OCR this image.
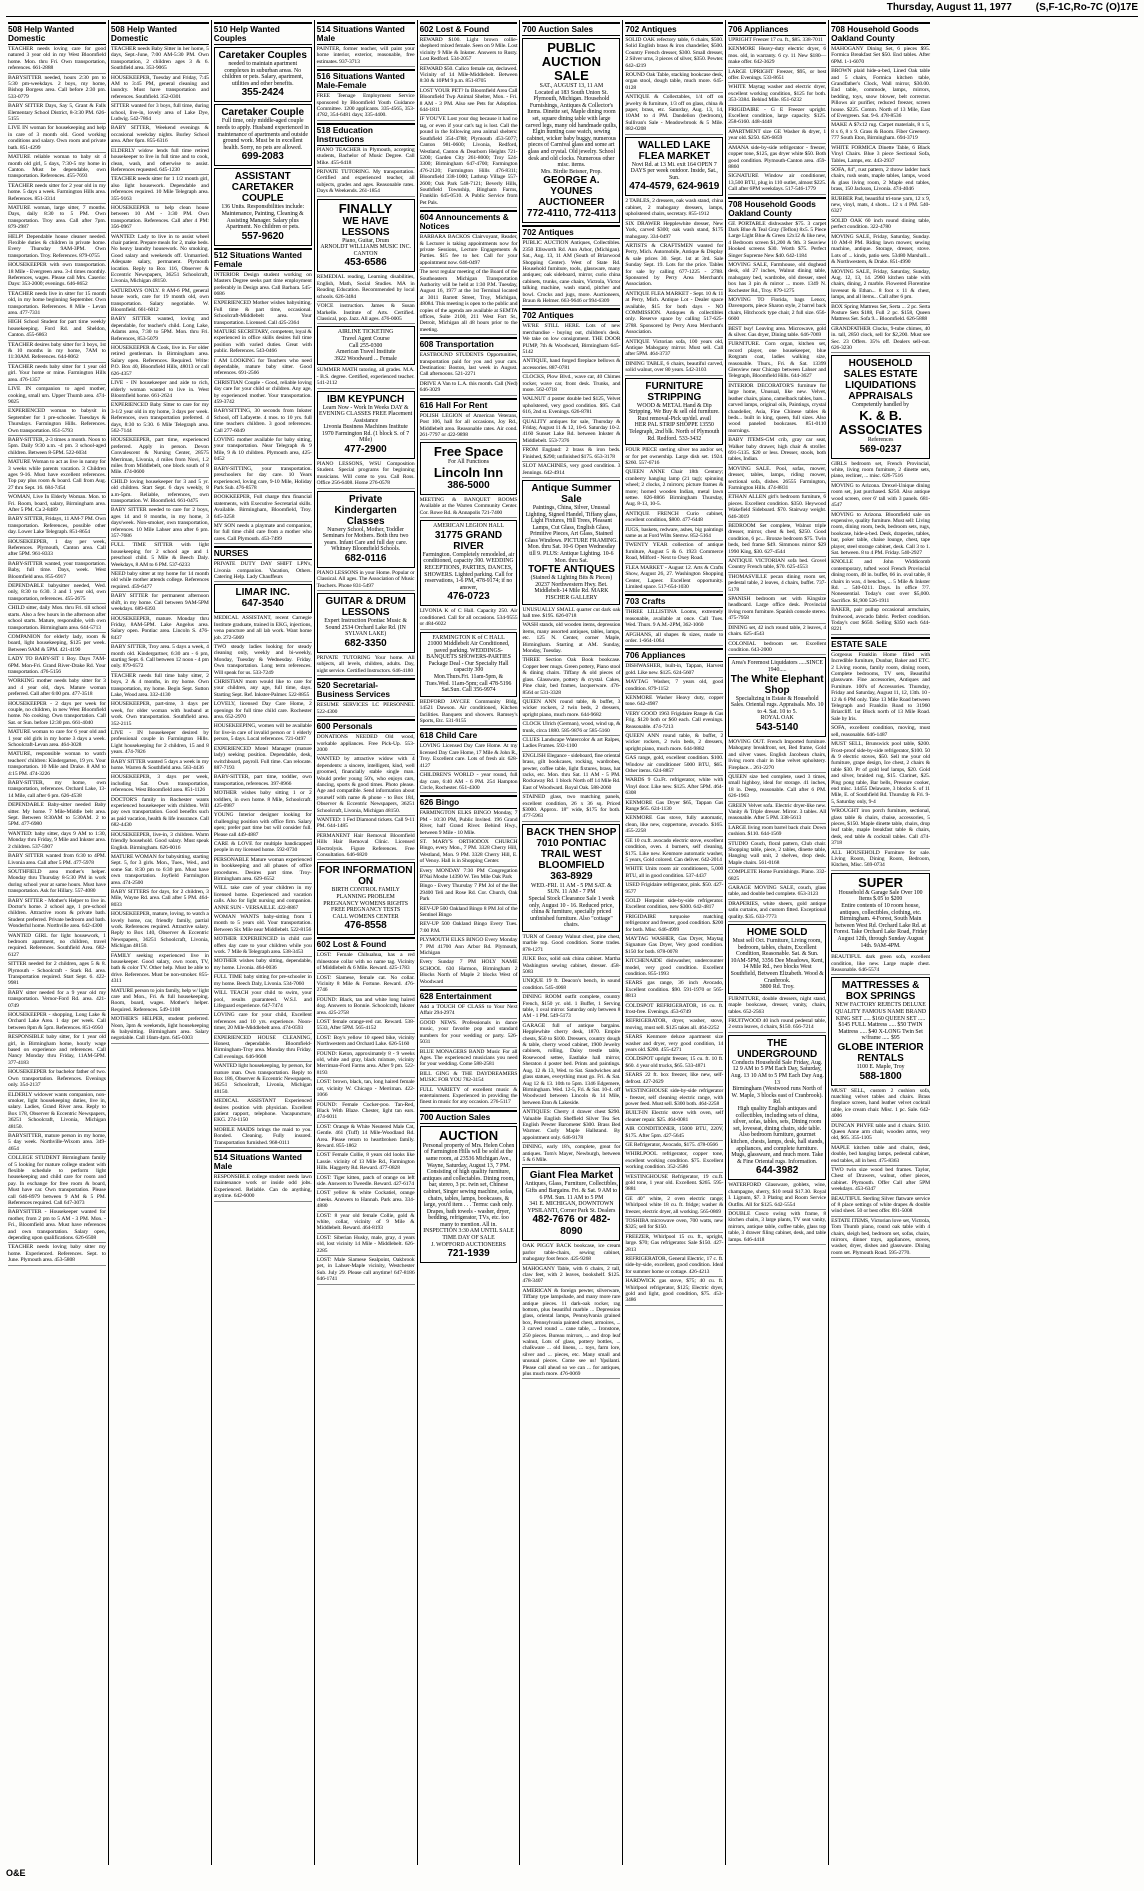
Thursday, August 11, 1977 (S,F-1C,Ro-7C (O)17E
508 Help Wanted Domestic

TEACHER needs loving care for good natured 3 year old in my West Bloomfield home. Mon. thru Fri. Own transportation, references. 661-2888

BABYSITTER needed, hours 2:30 pm to 5:30 pm-weekdays. 2 boys, my home, Bishop Borgess area. Call before 2:30 pm. 533-0779

BABY SITTER Days, Say 5, Grant & Falls Elementary School District, 8-3:30 PM. 626-5155

LIVE IN woman for housekeeping and help in care of 3 month old. Good working conditions and salary. Own room and private bath. 851-4299

MATURE reliable woman to baby sit 4 month old girl, 5 days, 7:30-5 my home in Canton. Must be dependable, own transportation. References. 455-7693

TEACHER needs sitter for 2 year old in my home. 5 days a week. Farmington Hills area. References. 851-3314

MATURE woman, large sitter, 7 months. Days, daily 8:30 to 5 PM. Own transportation. Troy area. Call after 7pm. 879-2987

HELP! Dependable house cleaner needed. Flexible duties & children in private home. Every Thursday 9AM-3PM. Own transportation. Troy. References. 879-0755

HOUSEKEEPER with own transportation. 18 Mile - Evergreen area. 3-4 times monthly. References, wages. Please call Mrs. Caserio: Days: 353-2000; evenings. 646-8652

TEACHER needs live in sitter for 15 month old, in my home beginning September. Own transportation. References. 8 Mile - Levan area. 477-7331

HIGH School Student for part time weekly housekeeping. Ford Rd. and Sheldon, Canton. 455-6863

TEACHER desires baby sitter for 3 boys, 1st & 10 months in my home, 7AM to 11:30AM. References. 644-8062

TEACHER needs baby sitter for 1 year old girl. Your home or mine. Farmington Hills area. 476-1357

LIVE IN companion to aged mother, cooking, small urn. Upper Thumb area. 474-9025

EXPERIENCED woman to babysit in September for 1 pre-schooler. Tuesdays & Thursdays. Farmington Hills. References. Own transportation. 851-5793

BABY-SITTER, 2-3 times a month. Noon to 5pm. Daily 9:30 a.m. -4 pm. 3 school-aged children. Between 8-5PM. 522-6034

MATURE Woman to act as live in nanny for 3 weeks while parents vacation. 3 Children ages 9-16. Must have excellent references. Top pay plus room & board. Call from Aug. 27 thru Sept. 16. 684-7454

WOMAN, Live In Elderly Woman. Mon. to Fri. Room, board, salary, Birmingham area. After 5 PM. Ca 2-8489

BABY SITTER, Fridays, 11 AM-7 PM. Own transportation. References, possible other day. Lower Lake Telegraph. 851-8654

HOUSEKEEPER, 1 day per week, References. Plymouth, Canton area. Call after 5PM. 961-8333

BABY-SITTER wanted, your transportation. Baby, full time. Days, week. West Bloomfield area. 855-6917

DEPENDABLE babysitter needed, Wed. only, 8:30 to 6:30. 3 and 1 year old, own transportation, references. 455-2675

CHILD sitter, daily Mon. thru Fri. till school starts. Also a few hours in the afternoon after school starts. Mature, responsible, with own transportation. Birmingham area. 644-5713

COMPANION for elderly lady, room & board, light housekeeping, $125 per week. Between 9AM & 5PM. 421-4190

LADY TO BABY-SIT 1 Boy. Days 7AM-6PM. Mon-Fri. Grand River-Drake Rd. Your transportation. 476-5156

WORKING mother needs baby sitter for 3 and 4 year old, days. Mature woman preferred. Call after 6:00 pm. 477-3518

HOUSEKEEPER - 2 days per week for couple, no children, in new West Bloomfield home. No cooking. Own transportation. Call Sat. or Sun. before 12:30 pm. 661-4040

MATURE woman to care for 6 year old and 1 year old girls in my home 3 days a week. Schoolcraft-Levan area. 464-3028

MATURE, responsible woman to watch teachers' children: Kindergarten, 19 yrs. Your transportation. 10 Mile and Drake. 8 AM to 4:15 PM. 474-3226

BABY-SITTER, my home, own transportation, references. Orchard Lake, 13-14 Mile, call after 6 pm. 626-4538

DEPENDABLE Baby-sitter needed Baby sitter. My home. 7 Mile-Middle belt area. Sept. Between 8:30AM to 5:30AM. 2 to 5PM. 477-6980

WANTED: baby sitter, days 9 AM to 1:30, Monday thru Friday, 9 Mile and Inkster area. 2 children. 537-5907

BABY SITTER wanted from 6:30 to 4PM. Livonia area. Call after 5 PM. 477-5978

SOUTHFIELD area mother's helper. Monday thru Thursday 8-5:30 PM in work during school year at same hours. Must have transportation. Ask for Hillary. 557-4080

BABY SITTER - Mother's Helper to live in. Doctor's home. 2 school age, 1 pre-school children. Attractive room & private bath. Student preferred. Private bedroom and bath. Wonderful home. Northville area. 642-4300

WANTED GIRL for light housework, 1 bedroom apartment, no children, travel required. References. Southfield Area. 682-6127

SITTER needed for 2 children, ages 5 & 8. Plymouth - Schoolcraft - Stark Rd. area. Transportation required. Start Sept. 6. 422-9981

BABY sitter needed for a 9 year old my transportation. Vernor-Ford Rd. area. 421-0749

HOUSEKEEPER - shopping, Long Lake & Orchard Lake Area. 1 day per week. Call between 8pm & 5pm. References. 851-6950

RESPONSIBLE baby sitter, for 1 year old girl, in Birmingham home, hourly wage based on experience and references. Call Nancy Monday thru Friday, 11AM-5PM. 377-4183

HOUSEKEEPER for bachelor father of two. Own transportation. References. Evenings only. 354-2137

ELDERLY widower wants companion, non-smoker, light housekeeping duties, live in, salary. Ladies, Grand River area. Reply to Box 178, Observer & Eccentric Newspapers, 36251 Schoolcraft, Livonia, Michigan 48150.

BABYSITTER, mature person in my home, 5 day week. Northville-Wixom area. 349-4654

COLLEGE STUDENT Birmingham family of 5 looking for mature college student with flexible schedule to perform light housekeeping and child care for room and pay. In exchange for free room & board, Must have car. Own transportation. Please call 646-8979 between 9 AM & 5 PM. References required. Call 647-3073

BABYSITTER - Housekeeper wanted for mother, from 2 pm to 5 AM - 3 PM. Mon. - Fri., Bloomfield area. Must have references and own transportation. Salary open, depending upon qualifications. 626-6508

TEACHER needs loving baby sitter my home. Experienced. References. Sept. to June. Plymouth area. 453-5808

508 Help Wanted Domestic

TEACHER needs Baby Sitter in her home, 5 days, Sept.-June, 7:00 AM-5:30 PM. Own transportation, 2 children ages 3 & 6. Southfield area. 353-9065

HOUSEKEEPER, Tuesday and Friday, 7:45 AM to 3:45 PM, general cleaning and laundry. Must have transportation and references. Southfield. 352-0301

SITTER wanted for 3 boys, full time, during school, live-in, lovely area of Lake Dye, Ludwig. 542-7864

BABY SITTER, Weekend evenings & occasional weekday nights. Burley School area. After 6pm. 855-6316

ELDERLY widow lends full time retired housekeeper to live in full time and to cook, clean, wash, and otherwise to assist. References requested. 645-1230

TEACHER needs sitter for 1 1/2 month girl, also light housework. Dependable and references required. 10 Mile Telegraph area. 355-9163

HOUSEKEEPER to help clean house between 10 AM - 3:30 PM. Own transportation. References. Call after 4 PM: 356-0967

WANTED: Lady to live in to assist wheel chair patient. Prepare meals for 2, make beds. No heavy laundry housework. No smoking. Good salary and weekends off. Unmarried. Adequate salary, permanent. Plymouth location. Reply to Box 116, Observer & Eccentric Newspapers, 36251 Schoolcraft, Livonia, Michigan 48150.

SATURDAYS ONLY. 8 AM-6 PM, general house work, care for 19 month old, own transportation. Salary negotiable. W. Bloomfield. 661-6012

BABY SITTER wanted, loving and dependable, for teacher's child. Long Lake, Adams area, 7:30 to 5PM. Mon. thru Fri. References, 853-5079

HOUSEKEEPER & Cook, live in. For older retired gentleman. In Birmingham area. Salary open. References. Required. Write: P.O. Box 40, Bloomfield Hills, 48013 or call 626-4357

LIVE - IN housekeeper and aide to rich, elderly woman wanted to live in. West Bloomfield home. 661-2624

EXPERIENCED Baby Sitter to care for my 3-1/2 year old in my home, 3 days per week. References, own transportation preferred. 4 days, 8:30 to 5:30. 6 Mile Telegraph area. 562-7144

HOUSEKEEPER, part time, experienced preferred. Apply in person. Devon Convalescent & Nursing Center, 28575 Merriman, Livonia, 4 miles from Novi, 1.2 miles from Middlebelt, one block south of 8 Mile. 474-0600

CHILD loving housekeeper for 3 and 5 yr. old children. Start Sept. 6 days weekly, 8 a.m-5pm. Reliable, references, own transportation. W. Bloomfield. 661-0475

BABY SITTER needed to care for 2 boys, ages 14 and 8 months, in my home, 3 days/week. Non-smoker, own transportation, references. 10 Mile Lahser area after 6 pm. 357-7686

FULL TIME SITTER with light housekeeping for 2 school age and 1 preschool child. 5 Mile & Beech Daly. Weekdays, 8 AM to 6 PM. 537-6233

NEED baby sitter at my home for 14 month old while mother attends college. References required. 459-6477

BABY SITTER for permanent afternoon shift, in my home. Call between 9AM-5PM weekdays. 689-6393

HOUSEKEEPER, mature. Monday thru Friday, 8AM-5PM. Lake Angelus area. Salary open. Pontiac area. Lincoln S. 476-8437

BABY SITTER, Troy area. 5 days a week, 4 month old. Kindergartner, 6:30 am - 6 pm, starting Sept. 6. Call between 12 noon - 4 pm only. 879-6572

TEACHER needs full time baby sitter, 2 boys, 2 & 4 months, in my home. Own transportation, my home. Begin Sept. Sutton Lake, Wood area. 332-4130

HOUSEKEEPER, part-time, 3 days per week, for older woman with husband at work. Own transportation. Southfield area. 352-2115

LIVE - IN housekeeper desired by professional couple in Farmington Hills. Light housekeeping for 2 children, 15 and 8 years. 474-7826

BABY SITTER wanted 5 days a week in my home. Warren & Southfield area. 563-4436

HOUSEKEEPER, 3 days per week, including Sat. Own transportation, references. West Bloomfield area. 851-1126

DOCTOR'S family in Rochester wants experienced housekeeper with children. Will pay own transportation. Good benefits such as paid vacation, health & life insurance. Call 682-4430

HOUSEKEEPER, live-in, 3 children. Warm friendly household. Good salary. Must speak English. Birmingham. 626-0016

MATURE WOMAN for babysitting, starting Sept. 5, for 3 girls. Mon., Tues., Wed., and some Sat. 8:30 pm to 6:30 pm. Must have own transportation. Joyfield Farmington area. 474-2500

BABY SITTERS for days, for 2 children, 3 Mile, Wayne Rd. area. Call after 5 PM. 464-8033

HOUSEKEEPER, mature, loving, to watch a lovely home, car, friendly family, partial work. References required. Attractive salary. Reply to Box 140, Observer & Eccentric Newspapers, 36251 Schoolcraft, Livonia, Michigan 48150.

FAMILY seeking experienced live in housekeeper. Good salary, own room, TV, bath & color TV. Other help. Must be able to drive. References. Must be non-smoker. 855-4311

MATURE person to join family, help w/ light care and Mon., Fri. & full housekeeping. Room, board, wages. Mother's helper. Required. References. 549-1108

MOTHER'S HELPER, student preferred. Noon, 3pm & weekends, light housekeeping & babysitting. Birmingham area. Salary negotiable. Call 10am-4pm. 645-0303

510 Help Wanted Couples
Caretaker Couples
needed to maintain apartment complexes in suburban areas. No children or pets. Salary, apartment, utilities and other benefits.
355-2424
Caretaker Couple
Full time, only middle-aged couple needs to apply. Husband experienced in maintenance of apartments and outside ground work. Must be in excellent health. Sorry, no pets are allowed.
699-2083
ASSISTANT CARETAKER COUPLE
136 Units. Responsibilities include: Maintenance, Painting, Cleaning & Assisting Manager. Salary plus Apartment. No children or pets.
557-9620
512 Situations Wanted Female

INTERIOR Design student working on Masters Degree seeks part time employment preferably in Design area. Call Barbara. 545-0686

EXPERIENCED Mother wishes babysitting. Full time & part time, occasional. Schoolcraft-Middlebelt area. Your transportation. Licensed. Call 425-2364

MATURE SECRETARY, competent, loyal & experienced in office skills desires full time position with varied duties. Great with public. References. 543-0466

I AM LOOKING for Teachers who need dependable, mature baby sitter. Good references. 691-2566

CHRISTIAN Couple - Good, reliable loving day care for your child or children. Any age, by experienced mother. Your transportation. 459-3742

BABYSITTING, 30 seconds from Inkster School, off Lafayette. 4 mos. to 10 yrs. full time teachers children. 3 good references. Call 277-6049

LOVING mother available for baby sitting, your transportation. Near Telegraph & 9 Mile, 9 & 10 children. Plymouth area, 425-0452

BABY-SITTING, your transportation. preschoolers for day care. 10 Years experienced, loving care, 9-10 Mile, Holiday Park Sub. 476-8578

BOOKKEEPER, Full charge thru financial statements, with Executive Secretarial skills. Available. Birmingham, Bloomfield, Troy. 645-3258

MY SON needs a playmate and companion, for full time child care from a mother who cares. Call Plymouth. 453-7499

NURSES

PRIVATE DUTY DAY SHIFT LPN's, Livonia companion. Vacation, Others. Catering Help. Lady Chauffeurs

LIMAR INC.
647-3540

MEDICAL ASSISTANT, recent Carnegie Institute graduate, trained in EKG, injections, vena puncture and all lab work. Want home job. 272-5069

TWO steady ladies looking for steady cleaning only, weekly and bi-weekly, Monday, Tuesday & Wednesday. Friday. Own transportation. Long term references. Will speak for us. 533-7249

CHRISTIAN mom would like to care for your children, any age, full time, days. Starting Sept. Ref. Inkster-Palmer. 522-8855

LOVELY, licensed Day Care Home, 2 openings for full time child care. Rochester area. 652-2970

HOUSEKEEPING, women will be available for live-in care of invalid person or 1 elderly person, 5 days. Local references. 721-0497

EXPERIENCED Motel Manager (mature lady) seeking position. Dependable, desk, switchboard, payroll. Full time. Can relocate. 887-7193

BABY-SITTER, part time, toddler, own transportation, references. 397-8966

MOTHER wishes baby sitting 1 or 2 toddlers, in own home. 8 Mile, Schoolcraft. 425-0987

YOUNG Interior designer looking for challenging position with office firm. Salary open; prefer part time but will consider full. Please call 449-4887

CARE & LOVE for multiple handicapped people in my licensed home. 592-0730

PERSONABLE Mature woman experienced in bookkeeping and all phases of office procedures. Desires part time. Troy-Birmingham area. 629-6552

WILL take care of your children in my licensed home. Experienced and vacation calls. Also for light nursing and companion. ANNE SUN - VERSAILLE. 422-8867

WOMAN WANTS baby-sitting from 1 month to 5 years old. Your transportation. Between Six Mile near Middlebelt. 522-8156

MOTHER EXPERIENCED in child care offers day care to your children while you work. 7 Mile & Telegraph area. 538-3453

MOTHER wishes baby sitting, dependable, my home. Livonia. 464-0036

FULL TIME baby sitting for pre-schooler in my home. Beech Daly, Livonia. 534-7060

WILL TEACH your child to swim, your pool, results guaranteed. W.S.I. and Lifeguard experience. 647-7474

LOVING care for your child, Excellent references and 10 yrs. experience. Noon-timer, 20 Mile-Middlebelt area. 474-0593

EXPERIENCED HOUSE CLEANING, Honest, dependable. Bloomfield-Birmingham-Troy area. Monday thru Friday. Call evenings. 646-9608

WANTED light housekeeping, by person, for mature man. Own transportation. Reply to Box 186, Observer & Eccentric Newspapers, 36251 Schoolcraft, Livonia, Michigan 48150.

MEDICAL ASSISTANT Experienced desires position with physician. Excellent patient rapport, telephone. Vacapuncture, EKG. 274-1150

MOBILE MAIDS brings the maid to you. Bonded. Cleaning. Fully insured. Transportation furnished. 968-0111

514 Situations Wanted Male

RESPONSIBLE college student needs lawn maintenance work or inside odd jobs. Experienced. Reliable. Can do anything, anytime. 642-6000

514 Situations Wanted Male

PAINTER, former teacher, will paint your home interior, exterior, reasonable, free estimates. 937-3713

516 Situations Wanted Male-Female

FREE Teenage Employment Service sponsored by Bloomfield Youth Guidance Committee. 1200 applicants. 335-4565, 353-4782, 354-6481 days; 335-4400.

518 Education Instructions

PIANO TEACHER in Plymouth, accepting students, Bachelor of Music Degree. Call Mike. 455-6418

PRIVATE TUTORING. My transportation. Certified and experienced teacher, all subjects, grades and ages. Reasonable rates. Days & Weekends. 261-1854

FINALLY
WE HAVE LESSONS
Piano, Guitar, Drum
ARNOLDT WILLIAMS MUSIC INC.
CANTON
453-6586

REMEDIAL reading, Learning disabilities, English, Math, Social Studies. MA in Reading Education. Recommended by local schools. 626-3484

VOICE instruction. James & Susan Markelle. Institute of Arts. Certified. Classical, pop. Jazz. All ages. 476-0005

AIRLINE TICKETING
Travel Agent Course
Call 255-0300
American Travel Institute
3922 Woodward ... Female

SUMMER MATH tutoring, all grades. M.A. - B.S. degree. Certified, experienced teacher. 541-2112

IBM KEYPUNCH
Learn Now - Work In Weeks DAY & EVENING CLASSES FREE Placement Assistance
Livonia Business Machines Institute
1970 Farmington Rd. (1 block S. of 7 Mile)
477-2900

PIANO LESSONS, WSU Composition Student. Special programs for beginning musicians. Will come to you. Call Ross. Office 256-6408. Home 276-0578

Private Kindergarten Classes
Nursery School, Mother, Toddler Seminars for Mothers. Both thru two years. Infant Care and full day care. Whitney Bloomfield Schools.
682-0116

PIANO LESSONS in your Home. Popular or Classical. All ages. The Association of Music Teachers. Phone 831-5497

GUITAR & DRUM LESSONS
Expert Instruction Pontiac Music & Sound 2534 Orchard Lake Rd. (IN SYLVAN LAKE)
682-3350

PRIVATE TUTORING Your home. All subjects, all levels, children, adults. Day, night service. Certified Instructors. 646-4180

520 Secretarial-Business Services

RESUME SERVICES LC PERSONNEL 522-4300

600 Personals

DONATIONS NEEDED Old wood, workable appliances. Free Pick-Up. 553-2000

WANTED by attractive widow with 4 dependents: a sincere, intelligent, kind, well groomed, financially stable single man. Would prefer young 50's, who enjoys cars, dancing, sports & good times. Photo please. Age and compatible. Send information about yourself with name & phone - to Box 184, Observer & Eccentric Newspapers, 36251 Schoolcraft, Livonia, Michigan 48150.

WANTED: 1 Fed Diamond tickets. Call 9-11 PM. 644-1485

PERMANENT Hair Removal Bloomfield Hills Hair Removal Clinic. Licensed Electrolysis. Figure References. Free Consultation. 646-6820

FOR INFORMATION ON
BIRTH CONTROL FAMILY PLANNING PROBLEM PREGNANCY WOMENS RIGHTS FREE PREGNANCY TESTS
CALL WOMENS CENTER
476-8558
602 Lost & Found

LOST: Female Chihuahua, has a red rhinestone collar with no name tag. Vicinity of Middlebelt & 6 Mile. Reward. 425-1783

LOST: Siamese, female cat. No collar. Vicinity 8 Mile & Fortune. Reward. 476-2746

FOUND: Black, tan and white long haired dog. Answers to Bonnie. Schoolcraft, Inkster area. 425-2758

LOST female orange-red cat. Reward. 538-5533, After 5PM. 565-4152

LOST: Boy's yellow 10 speed bike, vicinity Northwestern and Orchard Lake. 626-5160

FOUND: Keton, approximately 8 - 9 weeks old, white and gray, black mixture, vicinity Merriman-Ford Farms area. After 9 pm. 522-8193

LOST: brown, black, tan, long haired female cat, vicinity W. Chicago - Merriman. 422-1066

FOUND: Female Cocker-poo. Tan-Red, Black With Blaze. Chester, light tan ears. 474-6011

LOST: Orange & White Neutered Male Cat, Gentle. 461 (Tuff) 14 Mile-Woodland Rd. Area. Please return to heartbroken family. Reward. 855-1862

LOST Female Collie, 8 years old looks like Lassie. vicinity of 13 Mile Rd., Farmington Hills. Haggerty Rd. Reward. 477-0828

LOST: Tiger kitten, patch of orange on left side. Answers to Tweedle. Reward. 427-6174

LOST yellow & white Cockatiel, orange cheeks. Answers to Hannah. Park area. 334-4880

LOST: 8 year old female Collie, gold & white, collar, vicinity of 9 Mile & Middlebelt. Reward. 464-8193

LOST: Siberian Husky, male, gray, 4 years old, lost vicinity 14 Mile - Middlebelt. 626-2285

LOST: Male Siamese Sealpoint, Oakbrook pet, in Lahser-Maple vicinity, Westchester Sub. July 29. Please call anytime! 647-8186 646-1741

602 Lost & Found

REWARD $100. Light brown collie-shepherd mixed female. Seen on 9 Mile. Lost vicinity 9 Mile & Inkster. Answers to Rusty. Lost Redford. 534-2057

REWARD $50. Calico female cat, declawed. Vicinity of 14 Mile-Middlebelt. Between 8:30 & 10PM 9 p.m. 851-8705

LOST YOUR PET? In Bloomfield Area Call Bloomfield Twp Animal Shelter, Mon. - Fri. 8 AM - 3 PM. Also see Pets for Adoption. 644-1811

IF YOU'VE Lost your dog because it had no tag, or even if your cat's tag is lost. Call the pound in the following area animal shelters: Southfield 354-4788; Plymouth 453-5077; Canton 981-0600; Livonia, Redford, Westland, Canton & Dearborn Heights 721-5200; Garden City 261-8000; Troy 524-3300; Birmingham 647-4700; Farmington 476-2120; Farmington Hills 476-8311; Bloomfield 338-1000; Lathrup Village 557-2600; Oak Park 548-7121; Beverly Hills, Southfield Township, Bingham Farms, Franklin 645-0510. A Public Service from Pet Pals.

604 Announcements & Notices

BARBARA BACKOS Clairvoyant, Reader, & Lecturer is taking appointments now for private Sessions, Lecture Engagements & Parties. $15 fee to her. Call for your appointment now. 646-0497

The next regular meeting of the Board of the Southeastern Michigan Transportation Authority will be held at 1:30 P.M. Tuesday, August 16, 1977 at the 1st Terminal located at 3011 Barrett Street, Troy, Michigan, 48084. This meeting is open to the public and copies of the agenda are available at SEMTA offices, Suite 2100, 211 West Fort St., Detroit, Michigan all 48 hours prior to the meeting.

608 Transportation

EASTBOUND STUDENTS Opportunities, transportation paid for you and your cars. Destination: Boston, last week in August. Call afternoons. 521-2271

DRIVE A Van to L.A. this month. Call (Ned) 646-3029

616 Hall For Rent

POLISH LEGION of American Veterans, Post 106, hall for all occasions, Joy Rd., Middlebelt area. Reasonable rates. Air cond. 261-7797 or 422-9898

Free Space
For All Functions
Lincoln Inn
386-5000

MEETING & BANQUET ROOMS Available at the Warren Community Center. Cor. Rowe Rd. & Annapolis 721-7400

AMERICAN LEGION HALL
31775 GRAND RIVER
Farmington. Completely remodeled, air conditioned, capacity 300. WEDDING RECEPTIONS, PARTIES, DANCES, SHOWERS. Lighted parking. Call for reservations, 1-6 PM, 478-9174; if no answer,
476-0723

LIVONIA K of C Hall. Capacity 250. Air conditioned. Call for all occasions. 534-9555 or 484-6022

FARMINGTON K of C HALL
21000 Middlebelt Air Conditioned, paved parking. WEDDINGS-BANQUETS SHOWERS-PARTIES Package Deal - Our Specialty Hall capacity 300
Mon.Thurs.Fri. 11am-5pm, & Tues.Wed. 11am-5pm; call 478-5196 Sat.Sun. Call 356-9974

BEDFORD JAYCEE Community Bldg, 14521 Dawson. Air conditioned, Kitchen facilities. Banquets and showers. Ramsey's Sports, Etc. 531-9155

618 Child Care

LOVING Licensed Day Care Home. At my licensed Day Care Home, 17 Mile & John R., Troy. Excellent care. Lots of fresh air. 628-4127

CHILDREN'S WORLD - year round, full day care, 6:40 AM - 6 PM. 254 Hampton Circle, Rochester. 651-4300

626 Bingo

FARMINGTON ELKS BINGO Monday, 7 PM - 10:30 PM, Public Invited. 196 Grand River, half Grand River. Behind Hwy., between 9 Mile - 10 Mile.

ST. MARY'S ORTHODOX CHURCH Bingo, every Mon., 7 PM. 3328 Cherry Hill, Westland, Mon. 9 PM. 3328 Cherry Hill, E. of Venoy. Hall is in Shopping Center.

Every MONDAY 7:30 PM Congregation B'Nai Moshe 14390 W. Ten Mile Oak Park

Bingo - Every Thursday 7 PM Jol of the Bet 29400 Teli and Rose Rd. Cor. Church, Oak Park

REV-UP 500 Oakland Bingo 8 PM Jol of the Sentinel Bingo

REV-UP 500 Oakland Bingo Every Tues. 7:00 P.M.

PLYMOUTH ELKS BINGO Every Monday 7 PM 41700 Ann Arbor Rd. Plymouth, Michigan

Every Sunday 7 PM HOLY NAME SCHOOL 630 Harmon, Birmingham 2 Blocks North of Maple 2 blocks West of Woodward

628 Entertainment

Add a TOUCH OF CLASS to Your Next Affair 294-2974

GOOD NEWS. Professionals in dance music, your favorite pop and standard numbers for your wedding or party. 526-5031

BLUE MONAGERS BAND Music For all Ages. The experienced musicians you need for your wedding. Come 588-2581

BILL GING & THE DAYDREAMERS MUSIC FOR YOU 782-3154

FULL VARIETY of excellent music & entertainment. Experienced in providing the finest in music for any occasion. 276-5117

700 Auction Sales
AUCTION
Personal property of Mrs. Helen Cohen of Farmington Hills will be sold at the same room, at 23536 Michigan Ave., Wayne, Saturday, August 13, 7 PM.
Consisting of high quality furniture, antiques and collectables. Dining room, bar, stereo, 3 pc. twin set, Chinese cabinet, Singer sewing machine, sofas, chairs, tables, lamps, bookcases, & large, you'd item . . . Terms: cash only. Drapes, bath towels - washer, dryer, bedding, refrigerator, TVs, etc. too many to mention. All in.
INSPECTION 3:30 AM UNTIL SALE TIME DAY OF SALE
J. WOFFORD AUCTIONEERS
721-1939
700 Auction Sales
PUBLIC AUCTION SALE
SAT., AUGUST 13, 11 AM
Located at 183 South Union St. Plymouth, Michigan. Household Furnishings, Antiques & Collector's Items. Dinette set, Maple dining room set, square dining table with large carved legs, many old handmade quilts, Elgin hunting case watch, sewing cabinet, wicker baby buggy, numerous pieces of Carnival glass and some art glass and crystal. Old jewelry. School desk and old clocks. Numerous other misc. items.
Mrs. Birdie Beisner, Prop.
GEORGE A. YOUNES AUCTIONEER
772-4110, 772-4113
702 Antiques

PUBLIC AUCTION Antiques, Collectibles. 2350 Ellsworth Rd. Ann Arbor, (Michigan). Sat., Aug. 13, 11 AM (South of Briarwood Shopping Center). West of State Rd. Household furniture, tools, glassware, many antiques; oak sideboard, mirror, curio china cabinets, trunks, cane chairs, Victrola, Victor talking machine, wash stand, pitcher and bowl. Crocks and jugs, more. Auctioneers, Braun & Helmer. 663-9646 or 994-6309

702 Antiques

WE'RE STILL HERE. Lots of new merchandise - buying out, children's desk. We take on low consignment. THE DOOR PUMP, 7th & Woodward, Birmingham 645-5142

ANTIQUE, hand forged fireplace bellows & accessories. 887-0781

CLOCKS, Plow Blvd., wave car, 40 Chimes rocker, wave car, front desk. Trunks, and more. 562-0718

WALNUT 4 poster double bed $125, Velvet upholstered, very good condition. $95. Call 616, 2nd st. Evenings. 626-8781

QUALITY antiques for sale, Thursday & Friday, August 11 & 12, 10-6. Saturday 10-2. 4160 Sunset Lake Rd. between Inkster & Middlebelt. 553-7376

FROM England: 2 brass & iron beds. Finished, $290; unfinished $175. 653-3178

SLOT MACHINES, very good condition. 3 Jennings. 642-4914

Antique Summer Sale
Paintings, China, Silver, Unusual Lighting, Signed Handel, Tiffany glass, Light Fixtures, Hill Trees, Pleasant Lamps, Cut Glass, English Glass, Primitive Pieces, Art Glass, Stained Glass Windows. PICTURE FRAMING. Mon. thru Sat. 10-6 Open Wednesday till 9. PLUS: Antique Lighting. 10-6 Mon. thru Sat.
TOFTE ANTIQUES
(Stained & Lighting Bits & Pieces) 20237 Northwestern Hwy. Bet. Middlebelt-14 Mile Rd. MARK FISCHER GALLERY

UNUSUALLY SMALL quarter cut dark oak hall tree. $195. 626-0718

WASH stands, old wooden items, depression items, many assorted antiques, tables, lamps, etc. 125 N. Center, corner Maple, Birmingham. Starting at AM. Sunday, Monday, Tuesday.

THREE Section Oak Book bookcase. Copper beer mugs. Green pottery, Piano stool & dining chairs. Tiffany & old pieces of glass. Glassware, pottery & crystal. Cakes, Pine chair, bed frames, lacquerware. 476-8564 or 531-3328

QUEEN ANN round table, & buffet, 3 wicker rockers, 2 twin beds, 2 dressers, upright piano, much more. 644-9682

CLOCK Ulrich (German), wood, wind up, & trunk, circa 1880. 585-9876 or 585-5160

CLUES Landscape Watercolor & art Ralpes, Ladies Frames. 592-1100

ENGLISH Elegance - sideboard, fine oriental brass, gilt bookcases, rocking, wardrobes, pewter, coffee table, light fixtures, brass, hat racks, etc. Mon. thru Sat. 11 AM - 5 PM. Rockaway Rd. 1 block North off 14 Mile Rd. East of Woodward. Royal Oak. 588-2060

STAINED glass, two matching panels, excellent condition, 26 x 36 sq. Priced $3000. Approx. 18" wide, $175 for both. 477-5963

BACK THEN SHOP
7010 PONTIAC TRAIL WEST BLOOMFIELD
363-8929
WED.-FRI. 11 AM - 5 PM SAT. & SUN. 11 AM - 7 PM
Special Stock Clearance Sale 1 week only, August 10 - 16. Reduced price, china & furniture, specially priced unfinished furniture. Also "cottage" chairs.

TURN of Century Walnut chest, pine chest, marble top. Good condition. Some trades. 878-1271

JUKE Box, solid oak china cabinet. Martha Washington sewing cabinet, dresser. 458-5083

UNIQUE 19 ft. Deacon's bench, in sound condition. 545-4068

DINING ROOM outfit complete, country French, $150 yr. old. 1 Buffet, 1 Serving table, 1 oval mirror. Saturday only between 8 AM - 1 PM. 549-5173

GARAGE full of antique bargains. Hepplewhite cherry desk, 1870. Empire chests, $50 to $100. Dressers, country dough & table, cherry wood cabinet, 1900 Jewelry cabinets, rolling, Daisy trestle table, Rosewood settee, Eastlake hall mirror, Sheraton 4 poster bed. Prints and paintings. Aug. 12 & 13, Wed. to Sat. Sandwiches and glass statues, everything must go. Fri. & Sat. Aug 12 & 13. 10th to 5pm. 1346 Edgemere, Birmingham. Wed. 12-5, Fri. & Sat. 10-4. off Woodward between Lincoln & 14 Mile, between Eton & Lakeside.

ANTIQUES: Cherry 4 drawer chest $290. Valuable English Sheffield Silver Tea Set. English Pewter Barometer $300. Brass Bed Warmer. Curly Maple Hallstand. By appointment only. 646-9178

DINING, early 18's, complete, great for antiques. Tom's Mayer, Newburgh, between 5 & 6 Mile.

Giant Flea Market
Antiques, Glass, Furniture, Collectibles, Gifts and Bargains. Fri. & Sat. 9 AM to 6 PM. Sun. 11 AM to 5 PM
341 E. MICHIGAN, DOWNTOWN YPSILANTI, Corner Park St. Dealers
482-7676 or 482-8090

OAK PIGGY BACK bookcase, ice cream parlor table-chairs, sewing cabinet, mahogany foot fence. 425-9268

MAHOGANY Table, with 6 chairs, 2 tall, claw feet, with 2 leaves, bookshelf. $125. 478-3407

AMERICAN & foreign pewter, silverware, Tiffany type lampshade, and many more rare antique pieces. 11 dark-oak rocker, rag bottom, plus beautiful marble ... Depression glass, oriental lamps, Pennsylvania grained box, Pennsylvania painted chest, armoires, ... 3 carved round ... cane table, ... Ironstone, 250 pieces. Bureau mirrors, ... and drop leaf walnut, Lots of glass, pottery bottles, ... chalkware ... old linens, ... toys, farm lore, silver and ... pieces, etc. Many small and unusual pieces. Come see us! Ypsilanti. Please call ahead so we can ... for antiques, plus much more. 476-0069

702 Antiques

SOLID OAK refectory table, 6 chairs, $500. Solid English brass & iron chandelier, $500. Country French dresser, $300. Small dresser, 2 Silver urns, 3 pieces of silver, $350. Pewter. 642-4219

ROUND Oak Table, stacking bookcase desk, organ stool, dough table, much more. 645-0128

ANTIQUE & Collectables, 1/4 off on jewelry & furniture, 1/3 off on glass, china & paper, brass, etc. Saturday, Aug. 13, 14, 10AM to 4 PM. Dandelion (bedroom), Sullivan's Sale - Meadowbrook & 5 Mile. 882-0208

WALLED LAKE FLEA MARKET
Novi Rd. at 13 Mi. exit 164 OPEN 7 DAYS per week outdoor. Inside, Sat., Sun.
474-4579, 624-9619

2 TABLES, 2 dressers, oak wash stand, china cabinet, 2 mahogany dressers, lamps, upholstered chairs, secretary. 855-1912

SIX DRAWER Hepplewhite dresser, New York, carved $300; oak wash stand, $175 mahogany. 334-0497

ARTISTS & CRAFTSMEN wanted for Perry, Mich. Automobile, Antique & Display & sale prices 30. Sept. 1st at 3rd. Sale Sunday Sept. 19. Lots for the price. Tables for sale by calling 677-1225 - 2788. Sponsored by Perry Area Merchant's Association.

ANTIQUE FLEA MARKET - Sept. 10 & 11 at Perry, Mich. Antique Lot - Dealer space available, $15 for both days - NO COMMISSION. Antiques & collectibles only. Reserve space by calling 517-625-2788. Sponsored by Perry Area Merchant's Association.

ANTIQUE Victorian sofa, 100 years old, Antique Mahogany mirror. Must sell. Call after 5PM. 464-3737

DINING TABLE, 6 chairs, beautiful carved, solid walnut, over 80 years. 542-3103

FURNITURE STRIPPING
WOOD & METAL Hand & Dip Stripping. We Buy & sell old furniture. Rust removal-Pick up/del. avail
HER PAL STRIP SHOPPE 13550 Telegraph, 2nd blk. North of Plymouth Rd. Redford. 533-3432

FOUR PIECE sterling silver tea and/or set, or for pet ownership. Large dish set. 1924. $260. 557-6716

QUEEN ANNE Chair 18th Century; cranberry hanging lamp (21 tag); spinning wheel; 2 clocks, 2 mirrors; picture frames & more; horned wooden Indian, metal lawn settee. 826-8866 Birmingham Thursday, Aug. 8-13, 10-5.

ANTIQUE FRENCH Curio cabinet, excellent condition, $800. 477-6448

JUGS, baskets, redware, ashes, big paintings same as at Ford Wilts Sternw. 852-5164

TWENTY YEAR collection of antique furniture, August 5 & 6. 1923 Commerce Road, Milford - Next to Oxey Road.

FLEA MARKET - August 12. Arts & Crafts Show, August 26, 27. Washington Shopping Center, Lapeer. Excellent opportunity. Limited space. 517-654-1030

703 Crafts

THREE LILLISTINA Looms, extremely reasonable, available at once. Call Tues. Wed. Thurs. 9 A.M.-2PM, 362-1060

AFGHANS, all shapes & sizes, made to order. 1-664-1064

706 Appliances

DISHWASHER, built-in, Tappan, Harvest gold. Like new. $125. 624-5607

MAYTAG Washer, 7 years old, good condition. 879-1152

KENMORE Washer Heavy duty, copper tone. 642-4987

VERY GOOD 1963 Frigidaire Range & Gas Frig. $120 both or $60 each. Call evenings. Reasonable. 474-7213

QUEEN ANN round table, & buffet, 2 wicker rockers, 2 twin beds, 2 dressers, upright piano, much more. 644-9882

GAS range, gold, excellent condition. $100. Window air conditioner 5000 BTU, $65. Other items. 624-8857

WARDS 9 Cu.Ft. refrigerator, white with Vinyl door. Like new. $125. After 5PM. 464-6308

KENMORE Gas Dryer $65, Tappan Gas Range $65. 624-1130

KENMORE Gas stove, fully automatic, clean, like new, coppertone, avocado. $165. 455-2258

GE 10 cu.ft. avocado electric stove, excellent condition, oven. 4 burners, self cleaning, $175. Like new. Kenmore automatic washer, 5 years, Gold colored. Can deliver. 642-2014

WHITE Units room air conditioners, 5,000 BTU, all in good condition. 537-4437

USED Frigidaire refrigerator, pink. $50. 427-9577

GOLD Hotpoint side-by-side refrigerator. Excellent condition, new $300. 642-4817

FRIGIDAIRE turquoise matching refrigerator and freezer, good condition. $200 for both. Misc. 646-4999

MAYTAG WASHER, Gas Dryer, Maytag Signature Gas Dryer, Very good condition. $150 for both. 878-0078

KITCHENAIDE dishwasher, undercounter model, very good condition. Excellent condition. 855-1993

SEARS gas range, 36 inch Avocado, Excellent condition. $90. 591-1970 or 565-8813

COLDSPOT REFRIGERATOR, 16 cu. ft. frost-free. Evenings. 453-6749

REFRIGERATOR, dryer, washer, stove, moving, must sell. $125 takes all. 464-2252

SEARS Kenmore deluxe apartment size washer and dryer, very good condition, 14 years old. $200. 455-4271

COLDSPOT upright freezer, 15 cu. ft. 10 ft. $60. 4 year old trucks, $65. 533-4871

SEARS 22 ft. box freezer, like new, self-defrost. 427-2629

WESTINGHOUSE side-by-side refrigerator - freezer, self cleaning electric range, with power feed. Must sell. $300 both. 464-2258

BUILT-IN Electric stove with oven, self cleaner repair. $25. 464-0081

AIR CONDITIONER, 15000 BTU, 220V, $175. After 5pm. 427-5645

GE Refrigerator, Avocado, $175. 478-0566

WHIRLPOOL refrigerator, copper tone, excellent working condition. $75. Excellent working condition. 352-2586

WESTINGHOUSE Refrigerator, 19 cu.ft. gold tone, 1 year old. Excellent. $265. 595-9881

GE 40" white, 2 oven electric range; Whirlpool white 18 cu. ft. fridge; washer & freezer, electric dryer, all working. 565-0869

TOSHIBA microwave oven, 700 watts, new $325; sell for $150.

FREEZER, Whirlpool 15 cu. ft., upright, large. $70; Gas refrigerator. Sale $150. 427-2813

REFRIGERATOR, General Electric, 17 c. ft. side-by-side, excellent, good condition. Ideal for summer home or cottage. 426-4213

HARDWICK gas stove, $75; 40 cu. ft. Whirlpool refrigerator, $125; Electric dryer, gold and light, good condition, $75. 453-3486

706 Appliances

UPRIGHT Freezer 17 cu. ft., $85. 338-7011

KENMORE Heavy-duty electric dryer, 6 mos. old, in warranty. 6 cy. 11 New $180—make offer. 642-3629

LARGE UPRIGHT Freezer, $95, or best offer. Evenings. 533-8651

WHITE Maytag washer and electric dryer, excellent working condition, $125 for both. 353-3384. Behind Mile. 851-6232

FRIGIDAIRE - G E Freezer upright. Excellent condition, large capacity. $125. 258-6160. 448-4448

APARTMENT size GE Washer & dryer, 1 year old. $250. 626-6859

AMANA side-by-side refrigerator - freezer, copper tone, $125, gas dryer white $50. Both good condition. Plymouth-Canton area. 459-8860

SIGNATURE Window air conditioner, 13,500 BTU, plug in 110 outlet, almost $225. Call after 6PM weekdays. 517-546-1779

708 Household Goods Oakland County

GE PORTABLE dishwasher $75. 3 carpet Dark Blue & Teal Gray (Teflon) 8x5. 5 Piece Large Light Blue & Green 12x12 & like new, 4 Bedroom screen $1,200 & 9th. 3 Seaview Hooked screens $30. Worth $75. Perfect Singer Supreme New $40. 642-1184

MOVING SALE, Farmhouse, old doghead desk, old 27 inches, Walnut dining table, mahogany bed, wardrobe, old dresser, steel box has 3 pin & mirror ... more. 1349 N. Rochester Rd., Troy. 879-1275

MOVING TO Florida, bags Lenox, Davenports, piece Sharon style, 2 barrel back chairs, Hitchcock type chair, 2 full size. 656-6600

BEST buy! Leaving area. Microwave, gold & silver. Gas dryer, Dining table. 646-7069

FURNITURE. Corn organ, kitchen set, record player, one housekeeper, blue Rotgram coat, ladies walking size, reasonable. Thurs., Fri. & Sat. 13399 Glenview near Chicago between Lahser and Telegraph, Bloomfield Hills. 644-3627

INTERIOR DECORATOR'S furniture for large home, Unusual, like new. Velvet, leather chairs, piano, camelback tables, bars... carved lamps, original oils, Paintings, crystal chandelier, Asia, Fine Chinese tables & beds... built in king, queen, full sizes. Also wood paneled bookcases. 851-0110 mornings.

BABY ITEMS-GM crib, gray car seat, Walker baby drawer, high chair & stroller. 691-5135. $20 or less. Dresser, stools, both tables, Indian.

MOVING SALE. Pool, sofas, mower, dresser, tables, lamps, riding mower, sectional sofa, dishes. 26555 Farmington, Farmington Hills. 474-8831

ETHAN ALLEN girl's bedroom furniture, 6 pieces. Excellent condition. $350. Heywood Wakefield Sideboard. $70. Stairway weight. 646-3019

BEDROOM Set complete, Walnut triple dresser, mirror, chest & bed, $250. Good condition, 6 pc... Bronze bedroom $75. Twin beds, bed frame $49. Simmons mirror $29 1990 King, $30. 627-4544

ANTIQUE VICTORIAN sofa bed. Grovel Country French table, $70. 625-4553

THOMASVILLE pecan dining room set, pedestal table, 2 leaves, 4 chairs, buffet. 737-5178

SPANISH bedroom set with Kingsize headboard. Large office desk. Provincial living room furniture. Spanish console stereo. 475-7958

DINING set, 42 inch round table, 2 leaves, 4 chairs. 625-4543

COLONIAL bedroom set. Excellent condition. 643-2000

Area's Foremost Liquidators .....SINCE 1940.....
The White Elephant Shop
Specializing in Estate & Household Sales. Oriental rugs. Appraisals. Mo. 10 to 4. Sat. 10 to 5.
ROYAL OAK
543-5140

MOVING OUT. French Imported furniture. Mahogany breakfront, set, Bed frame, Gold and silver vases. English Jacobean chairs, living room chair in blue velvet upholstery. Fireplace... 261-2270

QUEEN size bed complete, used 3 times, small highboy, ideal for storage. 41 inches, 18 in. Deep, reasonable. Call after 6 PM. 626-1963

GREEN Velvet sofa. Electric dryer-like new. Vanity & Triple dresser. Mirror. 3 tables. All reasonable. After 5 PM. 338-5613

LARGE living room barrel back chair. Down cushion. $110. 644-1569

STUDIO Couch, floral pattern, Club chair. Shopping table, piece, 2 tables, dinette table, Hanging wall unit, 2 shelves, drop desk. Maple chairs. 561-0168

COMPLETE Home Furnishings. Piano. 332-6825

GARAGE MOVING SALE, couch, glass table, and double bed complete. 653-3123

DRAPERIES, white sheers, gold antique satin curtains, and custom fitted. Exceptional quality. $35. 633-7773

HOME SOLD
Must sell Oct. Furniture, Living room, bedroom, tables, chairs, Excellent Condition, Reasonable. Sat. & Sun. 10AM-5PM, 3356 Dee Meadows, Kent, 14 Mile Rd., two blocks West Southfield, Between Elizabeth. Wood & Cranbrook.
3800 Rd. Troy.

FURNITURE, double dressers, night stand, maple bookcase, dresser, vanity, chairs, tables. 652-2563

FRUITWOOD 40 inch round pedestal table, 2 extra leaves, 4 chairs, $150. 656-7214

THE UNDERGROUND
Conducts Household Sale Friday, Aug. 12 9 AM to 5 PM Each Day, Saturday, Aug. 13 10 AM to 5 PM Each Day Aug. 13
Birmingham (Westwood runs North of W. Maple, 3 blocks east of Cranbrook). Rd.
High quality English antiques and collectibles, including sets of china, silver, sofas, tables, sets, Dining room set, loveseat, dining chairs, side table. Also bedroom furniture, gourmet kitchen, chests, lamps, desk, hall stands, appliances, and complete furniture. Mugs, glassware, and much more. Take & Fine Oriental rugs. Information.
644-3982

WATERFORD Glassware, goblets, wine, champagne, sherry, $10 retail $17.30. Royal I. Lignum, $7. 3 Plating and Room Service Outfits. All for $125. 642-5554

DOUBLE Cosco swing with frame, 8 kitchen chairs, 3 large plants, TV seat vanity, mirrors, antique table, coffee table, glass top table, 3 drawer filing cabinet, desk, and table lamps. 646-4418

708 Household Goods Oakland County

MAHOGANY Dining Set, 6 pieces $95. Formica Breakfast Set $50. End tables. After 6PM. 1-1-6070

BROWN plaid hide-a-bed, Lined Oak table and 5 chairs, Formica kitchen table, Grandfather's Clock, Wall mirror, $30.00. End table, commode, lamps, mirrors, bedding, toys, snow blower, belt corrector. Pillows air purifier, reduced freezer, screen house. $225. Comm. North of 13 Mile, East of Evergreen. Sat. 9-6. 478-8536

MAKE A $7x12 rug. Carpet materials, 8 x 5, 8 x 6, 8 x 9. Grass & Room. Fiber Greenery. 777 South Eton, Birmingham. 694-3719

WHITE FORMICA Dinette Table, 6 Black Vinyl Chairs. Blue 3 piece Sectional Sofa, Tables, Lamps, etc. 443-2937

SOFA, 84", rust pattern, 2 throw ladder back chairs, rush seats, maple tables, lamps, wood & glass living room, 2 Maple end tables, brass, 150 Jackson, Livonia. 474-4046

RUBBER Pad, beautiful tri-tone yarn, 12 x 9, new, vinyl, mats, 4 shots... 12 x 4 PM. 540-6327

SOLID OAK 60 inch round dining table, perfect condition. 322-4780

MOVING SALE, Friday, Saturday, Sunday. 10 AM-8 PM. Riding lawn mower, sewing machine, antique. Storage, dresser, stove. Lots of ... kinds, patio sets. 53480 Marshall... & Northwestern, & Drake. 851-4990

MOVING SALE, Friday, Saturday, Sunday, Aug. 12, 13, 14. 2960 kitchen table with chairs, dining, 2 marble. Flowered Florentine loveseat & Ethan... 8 foot x 11 & chest, lamps, and all items... Call after 6 pm.

BOX Spring Mattress Set, Serta ... 2 pc. Serta Posture Sets $188, Full 2 pc. $158, Queen Mattress Set. Sofa 9... Bloomfield. 626-5888

GRANDFATHER Clocks, 9-tube chimes, 40 in. tall, 2850 clock, sell for $2,200. Must see Sec. 23 Offers. 35% off. Dealers sell-out. 626-3230

HOUSEHOLD SALES ESTATE LIQUIDATIONS APPRAISALS
Competently handled by
K. & B. ASSOCIATES
References
569-0237

GIRLS bedroom set, French Provincial, white, living room furniture, 2 dinette sets, piano, recliner, ... misc. 626-7516

MOVING to Arizona. Drexel-Unique dining room set, just purchased. $250. Also antique wood screen, over 6' tall with 3 panels. 681-4547

MOVING to Arizona. Bloomfield sale on expensive, quality furniture. Must sell: Living room, dining room, beds, bedroom sets, rugs, bookcase, hide-a-bed. Desk, draperies, tables, bar, poker table, chaise lounge, chest, tape player, steel storage cabinet, desk. Call 3 to 1. Sat. between. 8 to 4 PM. Friday. 540-2927

KNOLLE and John Widdicomb contemporary, tufted wool French Provincial dining room, 48 in. buffet, 66 in. oval table, 8 chairs in wax, 4 benches, ... 5 Mile & Inkster Rd. ... 540-0211. Days. In office 7/7. Nonessential. Today's cost over $5,000. Sacrifice. $1,900 526-1911

BAKER, pair pullup occasional armchairs, fruitwood, avocado fabric. Perfect condition. Today's cost $650. Selling $350 each 644-8221

ESTATE SALE

Gorgeous Franklin Home filled with Incredible furniture, Dunbar, Baker and ETC. 2 Living rooms, family room, dining room, Complete bedrooms, TV sets, Beautiful glassware. Fine accessories, Antiques and Furniture. 100's of Accessories. Thursday, Friday and Saturday, August 11, 12, 13th. 10 - 12 & 6 PM only. Take 13 Mile Road between Telegraph and Franklin Road to 31960 Briarcliff. 1st Block north of 13 Mile Road. Sale by Iris.

SOFA, excellent condition, moving, must sell, reasonable. 646-1487

MUST SELL, Brunswick pool table, $200. Frost-proof side-by-side refrigerator, $100. 50 & 9 electric stoves, $50. Sell me your old furniture, grape design, Ice chest, 2 chairs & table $30. Pr of gold leaf lamps, $20. Gold and silver, braided rug, $15. Clarinet, $25. Ping pong table, Bar bells, Pressure cooker, end misc. 14455 Delaware, 3 blocks S. of 11 Mile, E. of Southfield Rd. Thursday & Fri. 9-5, Saturday only, 9-4

WROUGHT iron porch furniture, sectional, glass table & chairs, chaise, accessories, 5 pieces, $150. Maple dinette table, chairs, drop leaf table, maple breakfast table & chairs, desk, end table & cocktail tables. Call 474-3718

ALL HOUSEHOLD Furniture for sale. Living Room, Dining Room, Bedroom, Kitchen, Misc. 569-0734

SUPER
Household & Garage Sale Over 100 Items $.05 to $200
Entire contents of 10 room house, antiques, collectibles, clothing, etc. Birmingham. 4-Forest, South Main between West Rd. Orchard Lake Rd. at Forest. Take Orchard Lake Road, Friday August 12th, through Sunday August 14th. 9AM-4PM.

BEAUTIFUL dark green sofa, excellent condition, like new. Large maple chest. Reasonable. 646-5574

MATTRESSES & BOX SPRINGS
NEW FACTORY REJECTS DELUXE QUALITY FAMOUS NAME BRAND
KING SET ..... $160 QUEEN SET ..... $145 FULL Mattress ..... $50 TWIN Mattress ..... $40 X-LONG Twin Set w/frame ..... $95
GLOBE INTERIOR RENTALS
1100 E. Maple, Troy
588-1800

MUST SELL, custom 2 cushion sofa, matching velvet tables and chairs. Brass fireplace screen, hand leather velvet cocktail table, ice cream chair. Misc. 1 pc. Sale. 642-4006

DUNCAN PHYFE table and 4 chairs. $110. Queen Anne arm chair, wooden arms, very old, $65. 355-1105

MAPLE kitchen table and chairs, desk, double, bed hanging lamps, pedestal cabinet, end tables, all in best. 475-8363

TWO twin size wood bed frames. Taylor, Chest of Drawers, walnut, other pieces, cabinet. Plymouth. Offer Call after 5PM weekdays. 453-6347

BEAUTIFUL Sterling Silver flatware service of 8 place settings of white drapes & double wind sheet. 50 or best offer. 891-5008

ESTATE ITEMS, Victorian love set, Victrola, Tom Thumb piano, round oak table with 4 chairs, sleigh bed, bedroom set, sofas, chairs, mirrors, dinner trays, appliances, stoves, washer, dryer, dishes and glassware. Dining room set. Plymouth Road. 595-2770.

O&E
